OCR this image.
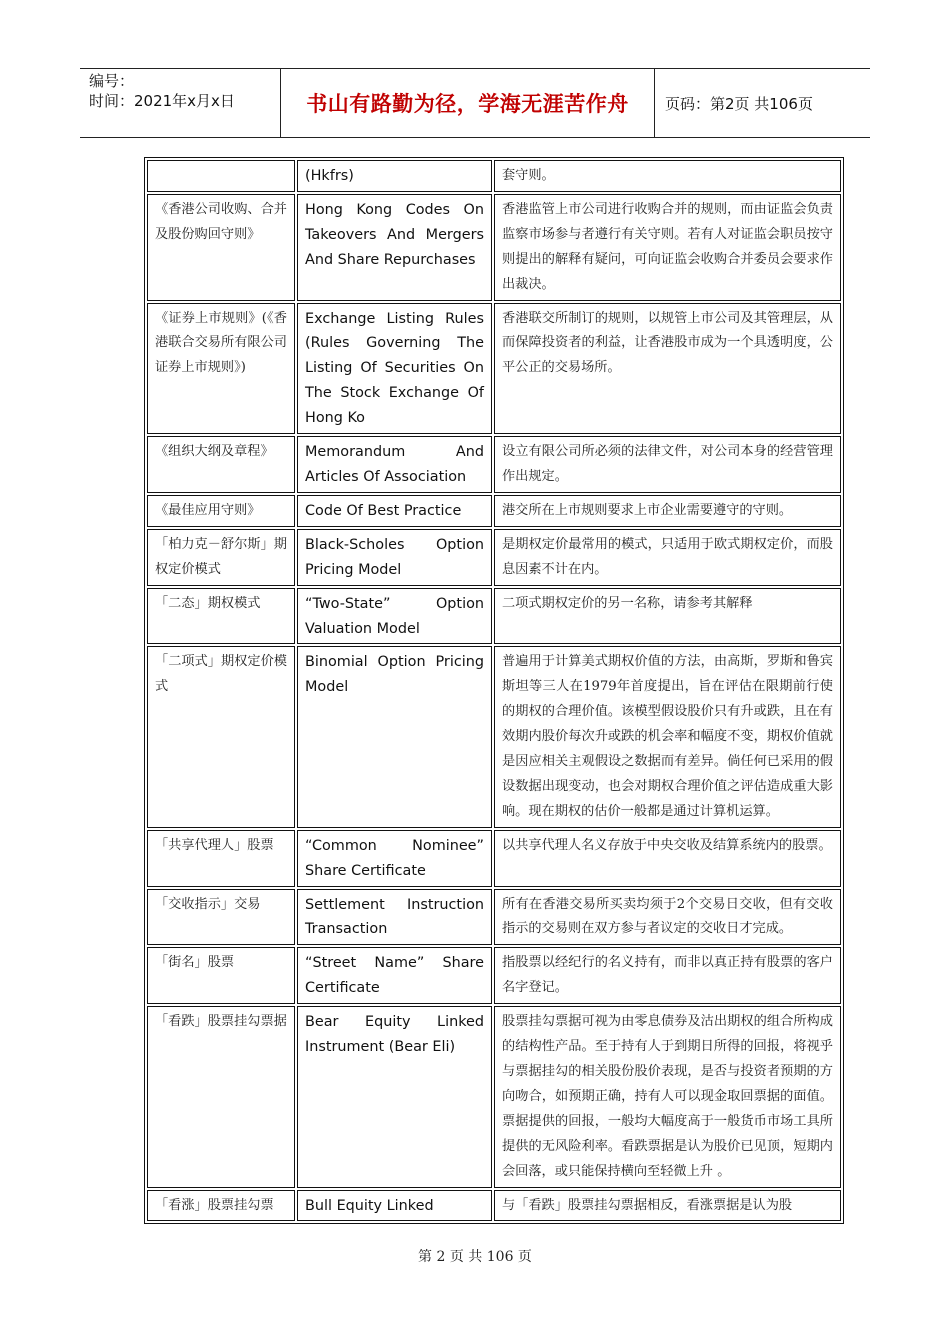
编号：
时间：2021年x月x日	书山有路勤为径，学海无涯苦作舟	页码：第2页 共106页
	(Hkfrs)	套守则。
《香港公司收购、合并及股份购回守则》	Hong Kong Codes On Takeovers And Mergers And Share Repurchases	香港监管上市公司进行收购合并的规则，而由证监会负责监察市场参与者遵行有关守则。若有人对证监会职员按守则提出的解释有疑问，可向证监会收购合并委员会要求作出裁决。
《证券上市规则》(《香港联合交易所有限公司证券上市规则》)	Exchange Listing Rules (Rules Governing The Listing Of Securities On The Stock Exchange Of Hong Ko	香港联交所制订的规则，以规管上市公司及其管理层，从而保障投资者的利益，让香港股市成为一个具透明度，公平公正的交易场所。
《组织大纲及章程》	Memorandum And Articles Of Association	设立有限公司所必须的法律文件，对公司本身的经营管理作出规定。
《最佳应用守则》	Code Of Best Practice	港交所在上市规则要求上市企业需要遵守的守则。
「柏力克－舒尔斯」期权定价模式	Black-Scholes Option Pricing Model	是期权定价最常用的模式，只适用于欧式期权定价，而股息因素不计在内。
「二态」期权模式	“Two-State” Option Valuation Model	二项式期权定价的另一名称，请参考其解释
「二项式」期权定价模式	Binomial Option Pricing Model	普遍用于计算美式期权价值的方法，由高斯，罗斯和鲁宾斯坦等三人在1979年首度提出，旨在评估在限期前行使的期权的合理价值。该模型假设股价只有升或跌，且在有效期内股价每次升或跌的机会率和幅度不变，期权价值就是因应相关主观假设之数据而有差异。倘任何已采用的假设数据出现变动，也会对期权合理价值之评估造成重大影响。现在期权的估价一般都是通过计算机运算。
「共享代理人」股票	“Common Nominee” Share Certificate	以共享代理人名义存放于中央交收及结算系统内的股票。
「交收指示」交易	Settlement Instruction Transaction	所有在香港交易所买卖均须于2个交易日交收，但有交收指示的交易则在双方参与者议定的交收日才完成。
「街名」股票	“Street Name” Share Certificate	指股票以经纪行的名义持有，而非以真正持有股票的客户名字登记。
「看跌」股票挂勾票据	Bear Equity Linked Instrument (Bear Eli)	股票挂勾票据可视为由零息债券及沽出期权的组合所构成的结构性产品。至于持有人于到期日所得的回报，将视乎与票据挂勾的相关股份股价表现，是否与投资者预期的方向吻合，如预期正确，持有人可以现金取回票据的面值。票据提供的回报，一般均大幅度高于一般货币市场工具所提供的无风险利率。看跌票据是认为股价已见顶，短期内会回落，或只能保持横向至轻微上升 。
「看涨」股票挂勾票	Bull Equity Linked	与「看跌」股票挂勾票据相反，看涨票据是认为股
第 2 页 共 106 页
